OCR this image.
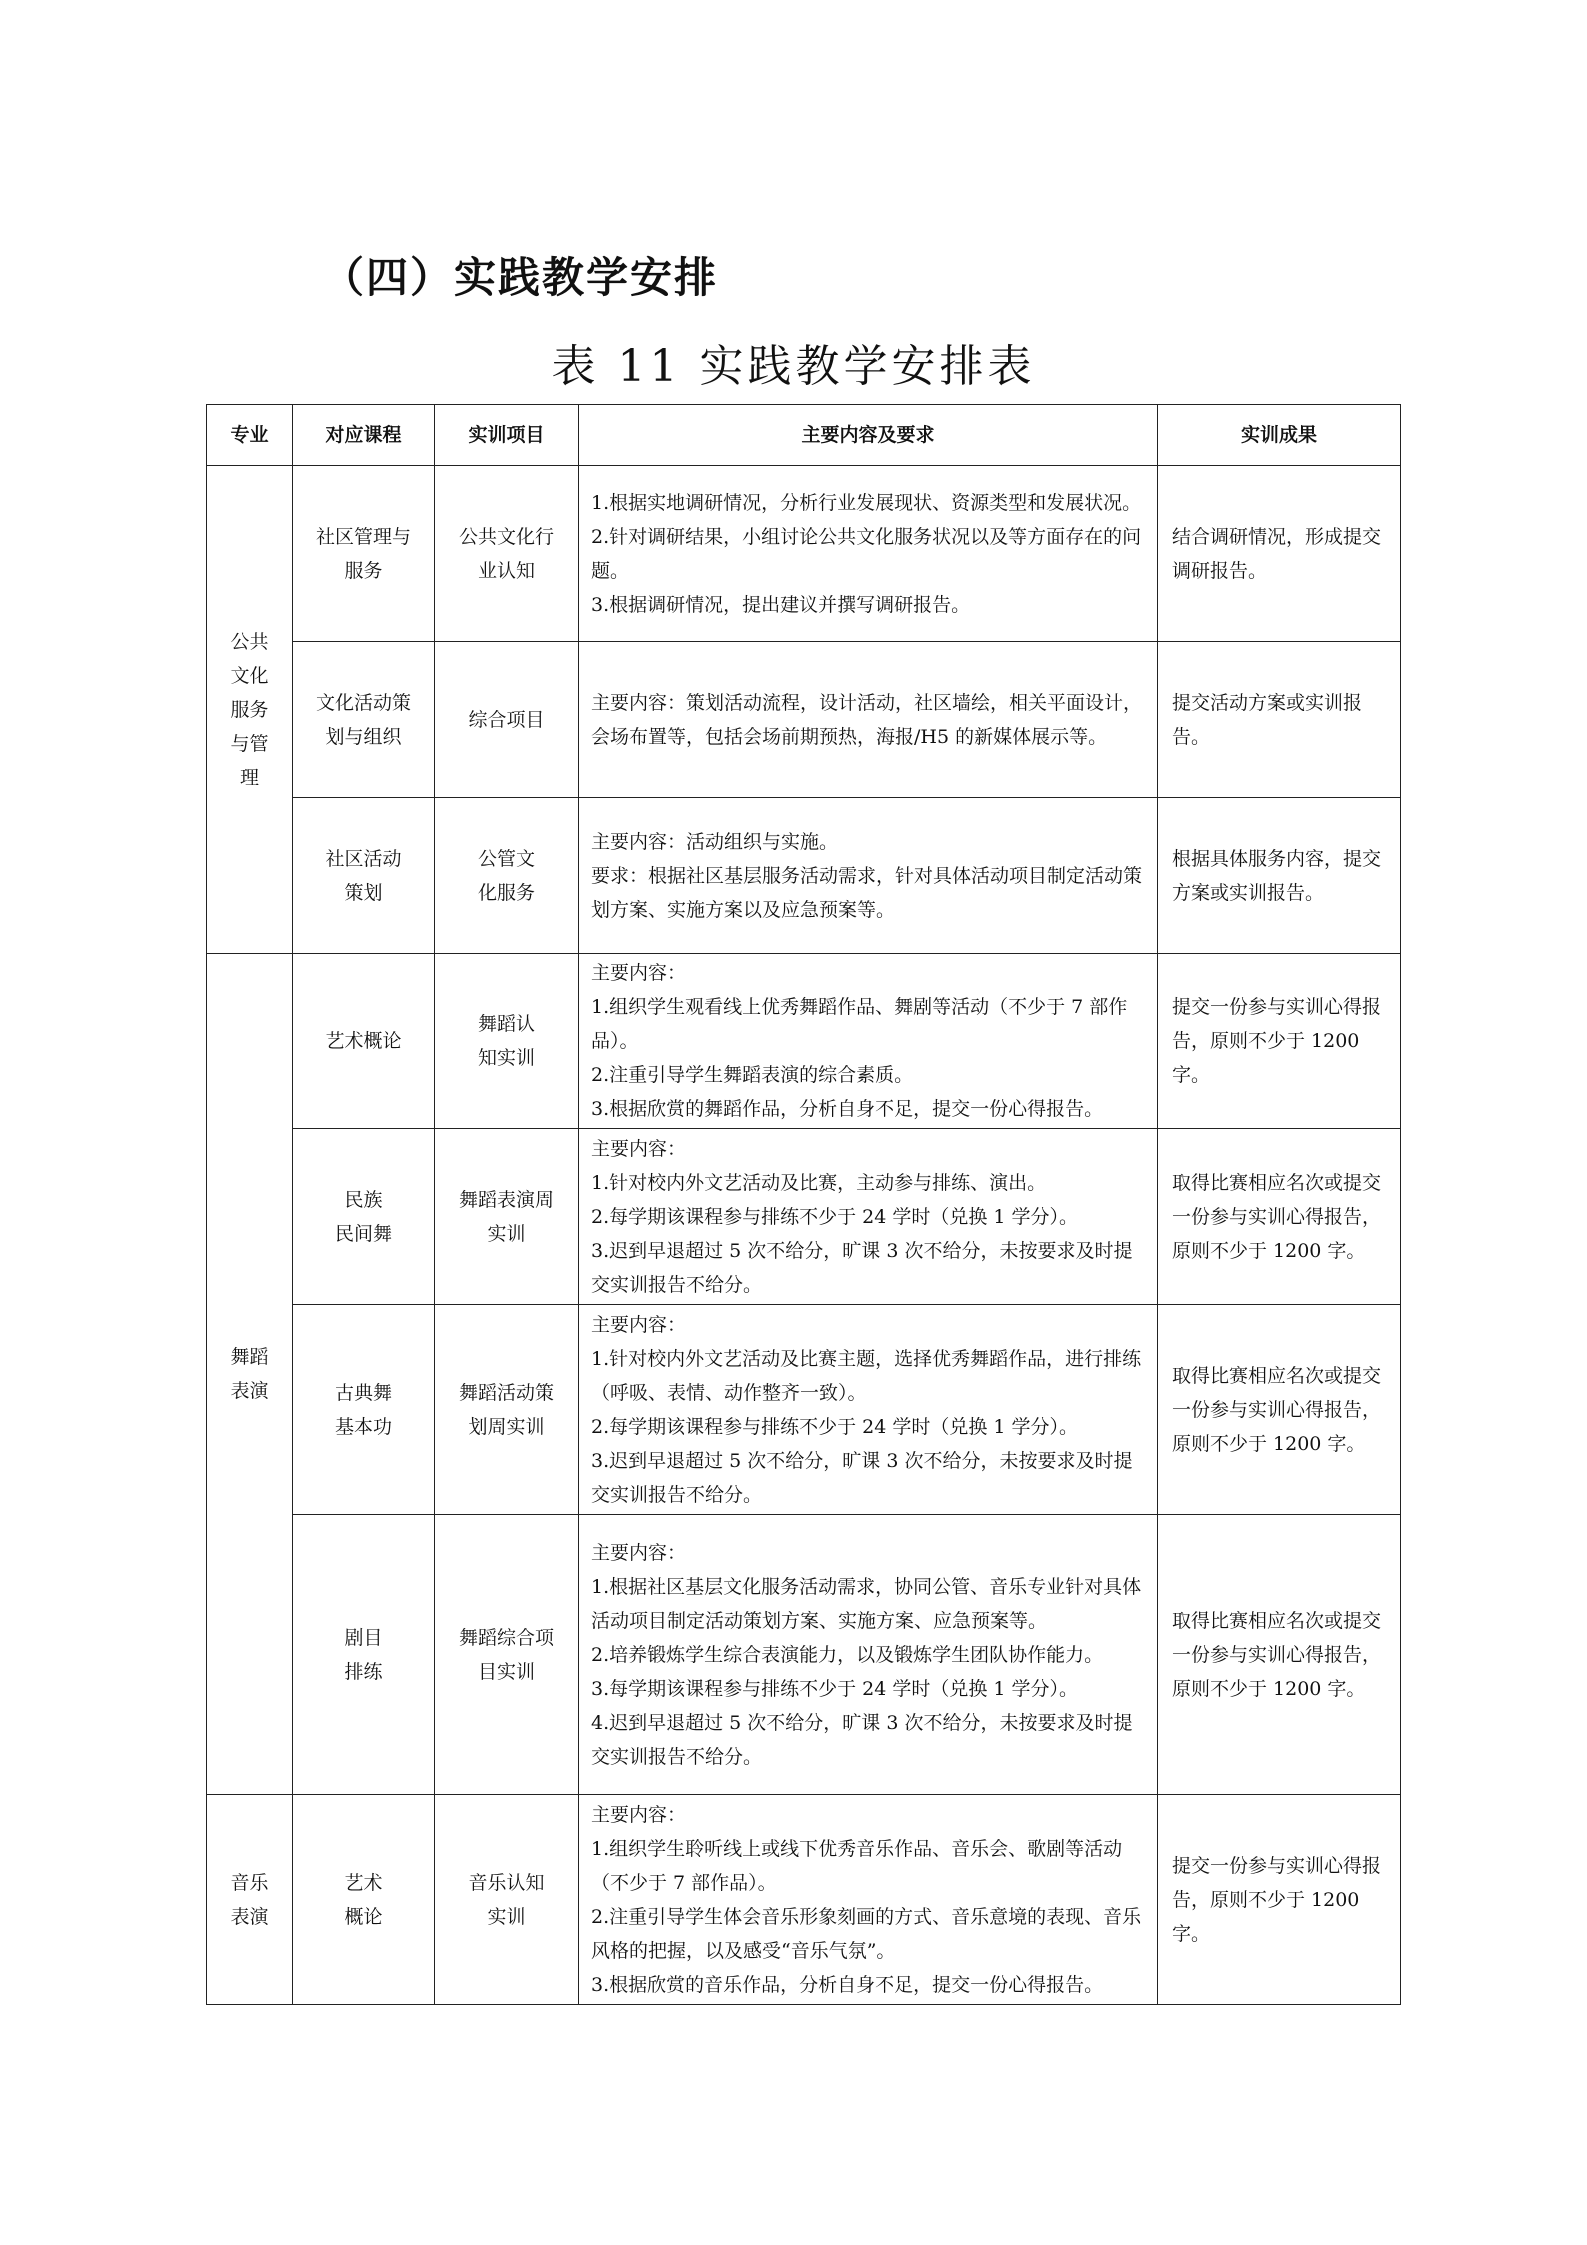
（四）实践教学安排
表 11 实践教学安排表
专业	对应课程	实训项目	主要内容及要求	实训成果

公共
文化
服务
与管
理	社区管理与
服务	公共文化行
业认知	1.根据实地调研情况，分析行业发展现状、资源类型和发展状况。
2.针对调研结果，小组讨论公共文化服务状况以及等方面存在的问题。
3.根据调研情况，提出建议并撰写调研报告。	结合调研情况，形成提交调研报告。

	文化活动策
划与组织	综合项目	主要内容：策划活动流程，设计活动，社区墙绘，相关平面设计，会场布置等，包括会场前期预热，海报/H5 的新媒体展示等。	提交活动方案或实训报告。

	社区活动
策划	公管文
化服务	主要内容：活动组织与实施。
要求：根据社区基层服务活动需求，针对具体活动项目制定活动策划方案、实施方案以及应急预案等。	根据具体服务内容，提交方案或实训报告。

舞蹈
表演	艺术概论	舞蹈认
知实训	主要内容：
1.组织学生观看线上优秀舞蹈作品、舞剧等活动（不少于 7 部作品）。
2.注重引导学生舞蹈表演的综合素质。
3.根据欣赏的舞蹈作品，分析自身不足，提交一份心得报告。	提交一份参与实训心得报告，原则不少于 1200 字。

	民族
民间舞	舞蹈表演周
实训	主要内容：
1.针对校内外文艺活动及比赛，主动参与排练、演出。
2.每学期该课程参与排练不少于 24 学时（兑换 1 学分）。
3.迟到早退超过 5 次不给分，旷课 3 次不给分，未按要求及时提交实训报告不给分。	取得比赛相应名次或提交一份参与实训心得报告，原则不少于 1200 字。

	古典舞
基本功	舞蹈活动策
划周实训	主要内容：
1.针对校内外文艺活动及比赛主题，选择优秀舞蹈作品，进行排练（呼吸、表情、动作整齐一致）。
2.每学期该课程参与排练不少于 24 学时（兑换 1 学分）。
3.迟到早退超过 5 次不给分，旷课 3 次不给分，未按要求及时提交实训报告不给分。	取得比赛相应名次或提交一份参与实训心得报告，原则不少于 1200 字。

	剧目
排练	舞蹈综合项
目实训	主要内容：
1.根据社区基层文化服务活动需求，协同公管、音乐专业针对具体活动项目制定活动策划方案、实施方案、应急预案等。
2.培养锻炼学生综合表演能力，以及锻炼学生团队协作能力。
3.每学期该课程参与排练不少于 24 学时（兑换 1 学分）。
4.迟到早退超过 5 次不给分，旷课 3 次不给分，未按要求及时提交实训报告不给分。	取得比赛相应名次或提交一份参与实训心得报告，原则不少于 1200 字。

音乐
表演	艺术
概论	音乐认知
实训	主要内容：
1.组织学生聆听线上或线下优秀音乐作品、音乐会、歌剧等活动（不少于 7 部作品）。
2.注重引导学生体会音乐形象刻画的方式、音乐意境的表现、音乐风格的把握，以及感受“音乐气氛”。
3.根据欣赏的音乐作品，分析自身不足，提交一份心得报告。	提交一份参与实训心得报告，原则不少于 1200 字。
